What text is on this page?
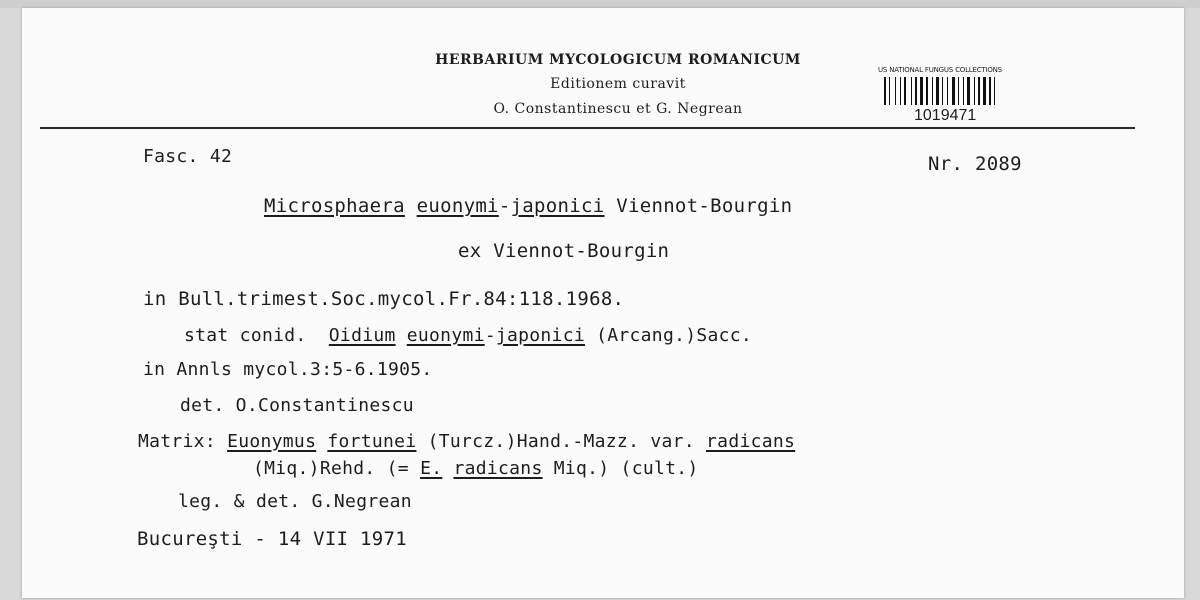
HERBARIUM MYCOLOGICUM ROMANICUM
Editionem curavit
O. Constantinescu et G. Negrean
US NATIONAL FUNGUS COLLECTIONS
1019471
Fasc. 42	Nr. 2089
Microsphaera euonymi-japonici Viennot-Bourgin
ex Viennot-Bourgin
in Bull.trimest.Soc.mycol.Fr.84:118.1968.
stat conid. Oidium euonymi-japonici (Arcang.)Sacc.
in Annls mycol.3:5-6.1905.
det. O.Constantinescu
Matrix: Euonymus fortunei (Turcz.)Hand.-Mazz. var. radicans
(Miq.)Rehd. (= E. radicans Miq.) (cult.)
leg. & det. G.Negrean
Bucureşti - 14 VII 1971
